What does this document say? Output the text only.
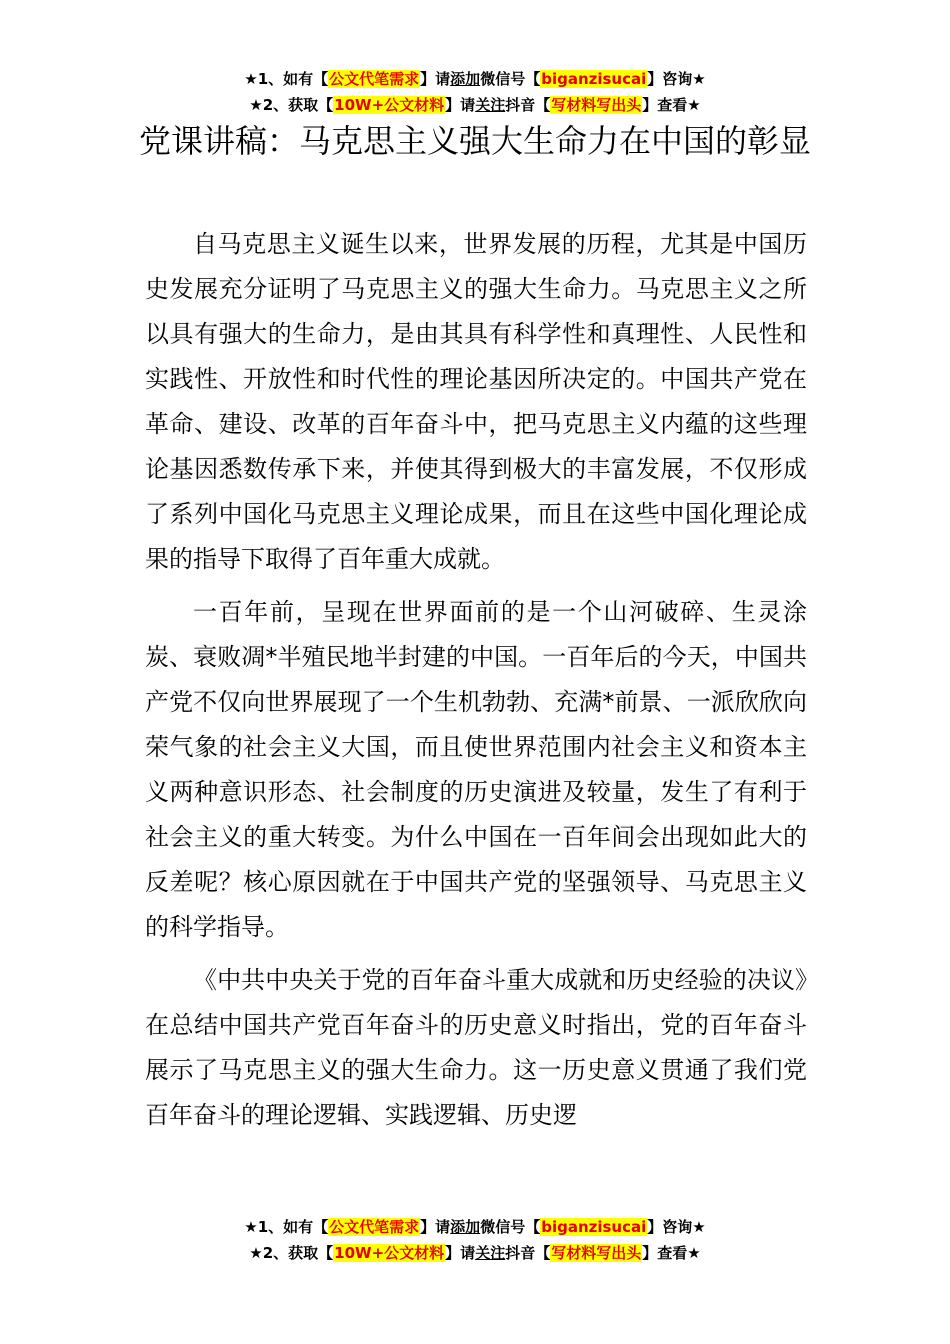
★1、如有【公文代笔需求】请添加微信号【biganzisucai】咨询★
★2、获取【10W+公文材料】请关注抖音【写材料写出头】查看★
党课讲稿：马克思主义强大生命力在中国的彰显

自马克思主义诞生以来，世界发展的历程，尤其是中国历史发展充分证明了马克思主义的强大生命力。马克思主义之所以具有强大的生命力，是由其具有科学性和真理性、人民性和实践性、开放性和时代性的理论基因所决定的。中国共产党在革命、建设、改革的百年奋斗中，把马克思主义内蕴的这些理论基因悉数传承下来，并使其得到极大的丰富发展，不仅形成了系列中国化马克思主义理论成果，而且在这些中国化理论成果的指导下取得了百年重大成就。

一百年前，呈现在世界面前的是一个山河破碎、生灵涂炭、衰败凋*半殖民地半封建的中国。一百年后的今天，中国共产党不仅向世界展现了一个生机勃勃、充满*前景、一派欣欣向荣气象的社会主义大国，而且使世界范围内社会主义和资本主义两种意识形态、社会制度的历史演进及较量，发生了有利于社会主义的重大转变。为什么中国在一百年间会出现如此大的反差呢？核心原因就在于中国共产党的坚强领导、马克思主义的科学指导。

《中共中央关于党的百年奋斗重大成就和历史经验的决议》在总结中国共产党百年奋斗的历史意义时指出，党的百年奋斗展示了马克思主义的强大生命力。这一历史意义贯通了我们党百年奋斗的理论逻辑、实践逻辑、历史逻

★1、如有【公文代笔需求】请添加微信号【biganzisucai】咨询★
★2、获取【10W+公文材料】请关注抖音【写材料写出头】查看★
